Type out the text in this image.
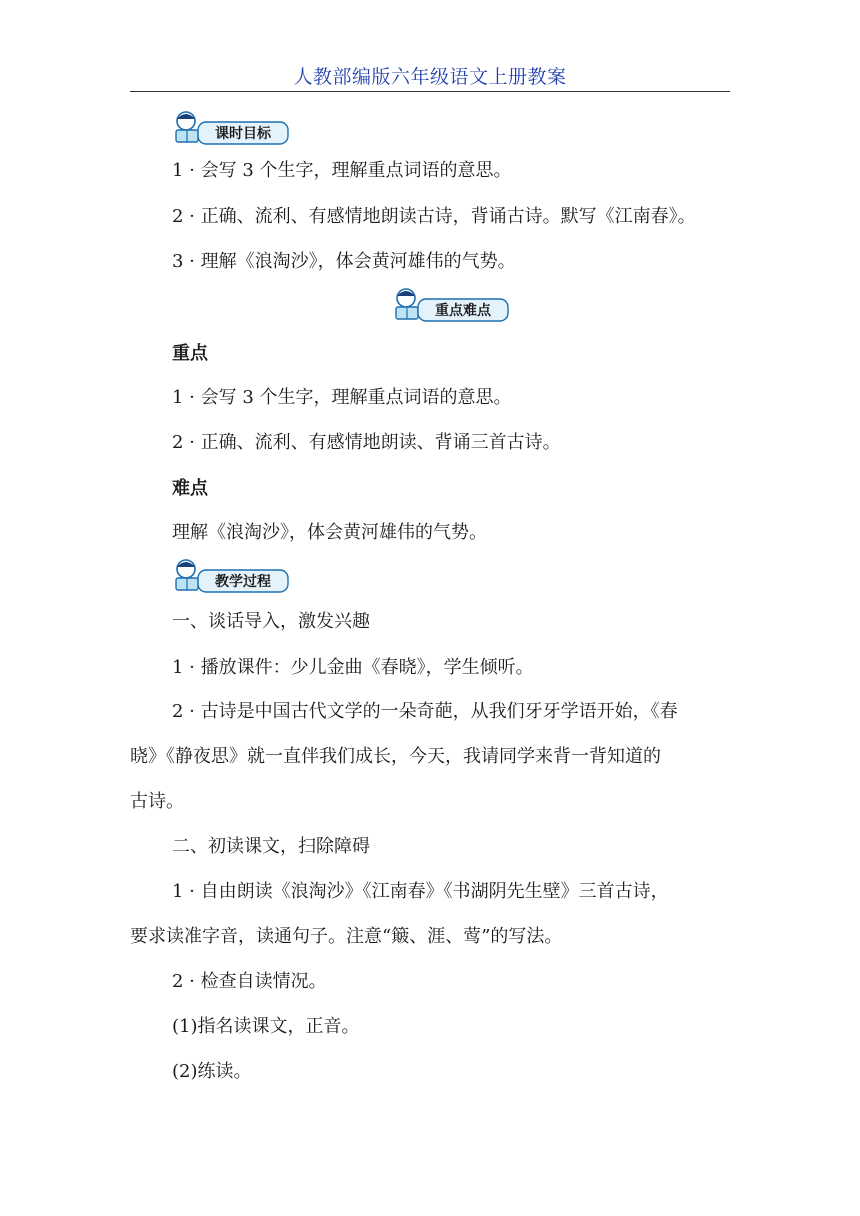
人教部编版六年级语文上册教案
课时目标
1 · 会写 3 个生字，理解重点词语的意思。
2 · 正确、流利、有感情地朗读古诗，背诵古诗。默写《江南春》。
3 · 理解《浪淘沙》，体会黄河雄伟的气势。
重点难点
重点
1 · 会写 3 个生字，理解重点词语的意思。
2 · 正确、流利、有感情地朗读、背诵三首古诗。
难点
理解《浪淘沙》，体会黄河雄伟的气势。
教学过程
一、谈话导入，激发兴趣
1 · 播放课件：少儿金曲《春晓》，学生倾听。
2 · 古诗是中国古代文学的一朵奇葩，从我们牙牙学语开始，《春
晓》《静夜思》就一直伴我们成长，今天，我请同学来背一背知道的
古诗。
二、初读课文，扫除障碍
1 · 自由朗读《浪淘沙》《江南春》《书湖阴先生壁》三首古诗，
要求读准字音，读通句子。注意“簸、涯、莺”的写法。
2 · 检查自读情况。
(1)指名读课文，正音。
(2)练读。
